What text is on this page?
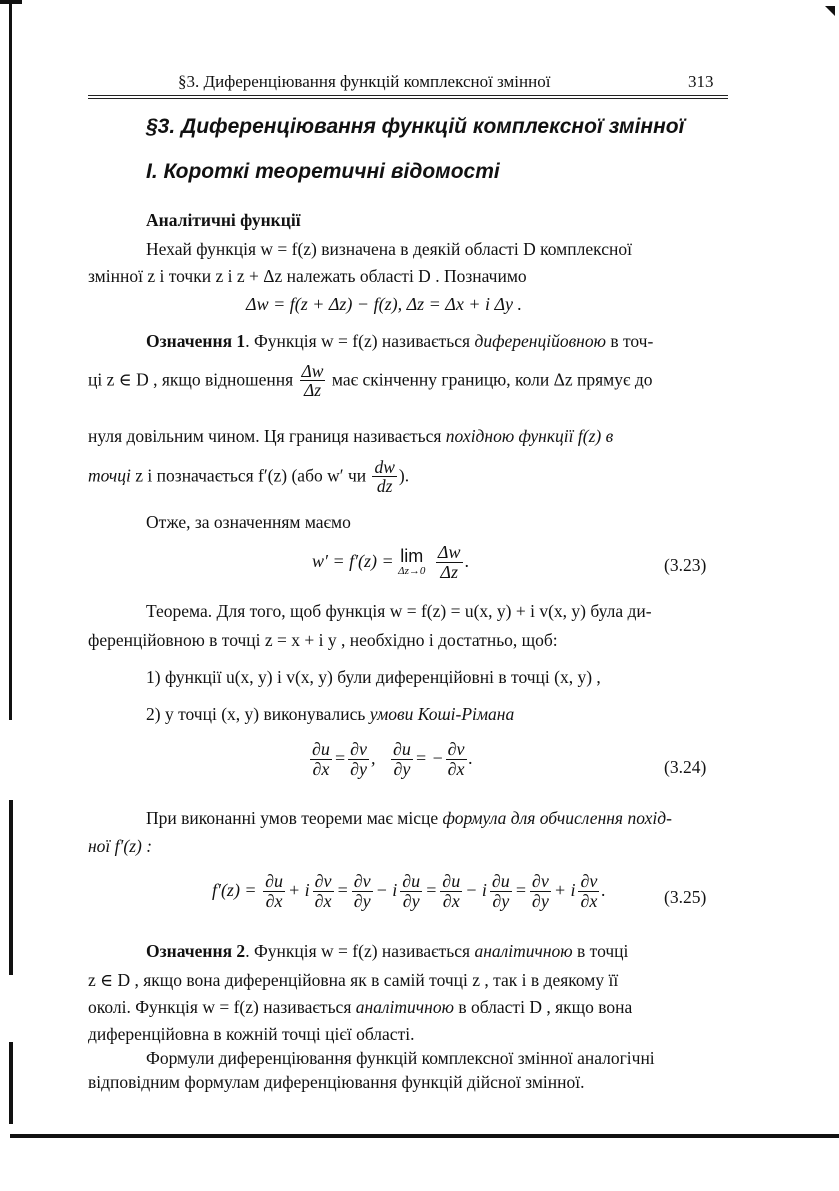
§3. Диференціювання функцій комплексної змінної	313
§3. Диференціювання функцій комплексної змінної
І. Короткі теоретичні відомості
Аналітичні функції
Нехай функція w = f(z) визначена в деякій області D комплексної
змінної z і точки z і z + Δz належать області D . Позначимо
Δw = f(z + Δz) − f(z), Δz = Δx + i Δy .
Означення 1. Функція w = f(z) називається диференційовною в точ-
ці z ∈ D , якщо відношення $\frac{\Delta w}{\Delta z}$ має скінченну границю, коли Δz прямує до
нуля довільним чином. Ця границя називається похідною функції f(z) в
точці z і позначається f′(z) (або w′ чи $\frac{dw}{dz}$ ).
Отже, за означенням маємо
w′ = f′(z) = lim
Δz→0
$\frac{\Delta w}{\Delta z}$ .	(3.23)
Теорема. Для того, щоб функція w = f(z) = u(x, y) + i v(x, y) була ди-
ференційовною в точці z = x + i y , необхідно і достатньо, щоб:
1) функції u(x, y) і v(x, y) були диференційовні в точці (x, y) ,
2) у точці (x, y) виконувались умови Коші-Рімана
$\frac{\partial u}{\partial x} = \frac{\partial v}{\partial y}$ , $\frac{\partial u}{\partial y}$ = − $\frac{\partial v}{\partial x}$ .	(3.24)
При виконанні умов теореми має місце формула для обчислення похід-
ної f′(z) :
$f'(z) = \frac{\partial u}{\partial x} + i \frac{\partial v}{\partial x} = \frac{\partial v}{\partial y} - i \frac{\partial u}{\partial y} = \frac{\partial u}{\partial x} - i \frac{\partial u}{\partial y} = \frac{\partial v}{\partial y} + i \frac{\partial v}{\partial x}$ .	(3.25)
Означення 2. Функція w = f(z) називається аналітичною в точці
z ∈ D , якщо вона диференційовна як в самій точці z , так і в деякому її
околі. Функція w = f(z) називається аналітичною в області D , якщо вона
диференційовна в кожній точці цієї області.
Формули диференціювання функцій комплексної змінної аналогічні
відповідним формулам диференціювання функцій дійсної змінної.
